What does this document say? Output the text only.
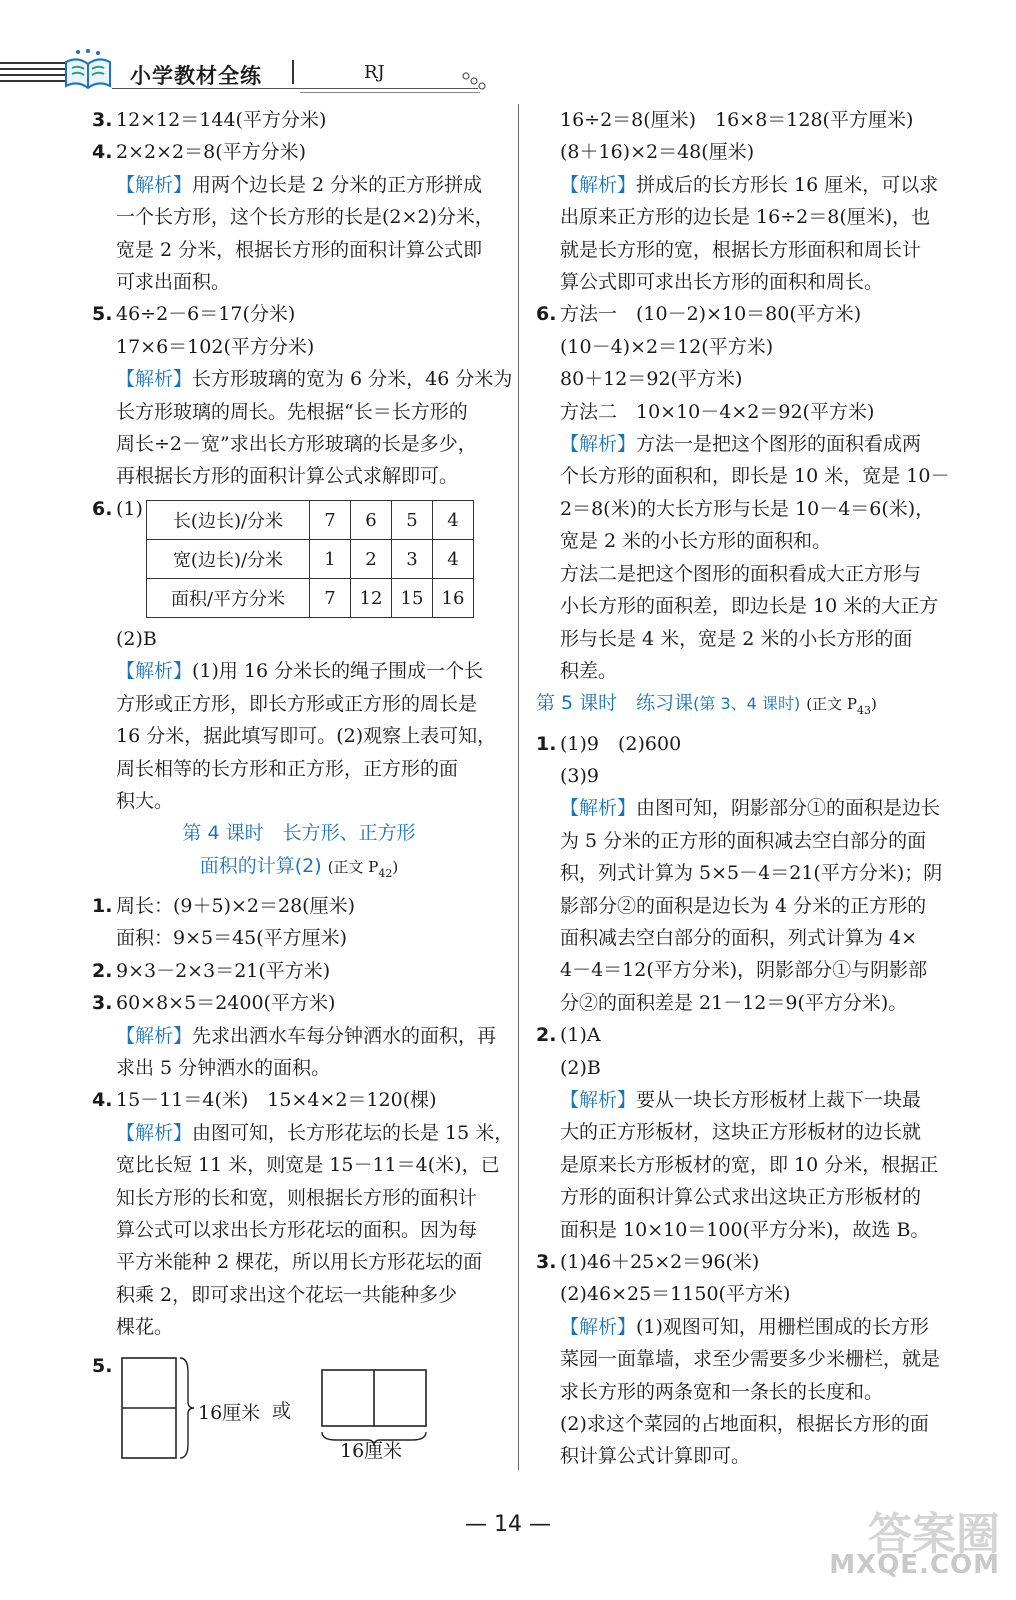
小学教材全练	RJ
3. 12×12＝144(平方分米)
4. 2×2×2＝8(平方分米)
【解析】用两个边长是 2 分米的正方形拼成
一个长方形，这个长方形的长是(2×2)分米，
宽是 2 分米，根据长方形的面积计算公式即
可求出面积。
5. 46÷2－6＝17(分米)
17×6＝102(平方分米)
【解析】长方形玻璃的宽为 6 分米，46 分米为
长方形玻璃的周长。先根据“长＝长方形的
周长÷2－宽”求出长方形玻璃的长是多少，
再根据长方形的面积计算公式求解即可。
6. (1)
(2)B
【解析】(1)用 16 分米长的绳子围成一个长
方形或正方形，即长方形或正方形的周长是
16 分米，据此填写即可。(2)观察上表可知，
周长相等的长方形和正方形，正方形的面
积大。
第 4 课时　长方形、正方形
面积的计算(2) (正文 $P_{42}$)
1. 周长：(9＋5)×2＝28(厘米)
面积：9×5＝45(平方厘米)
2. 9×3－2×3＝21(平方米)
3. 60×8×5＝2400(平方米)
【解析】先求出洒水车每分钟洒水的面积，再
求出 5 分钟洒水的面积。
4. 15－11＝4(米)　15×4×2＝120(棵)
【解析】由图可知，长方形花坛的长是 15 米，
宽比长短 11 米，则宽是 15－11＝4(米)，已
知长方形的长和宽，则根据长方形的面积计
算公式可以求出长方形花坛的面积。因为每
平方米能种 2 棵花，所以用长方形花坛的面
积乘 2，即可求出这个花坛一共能种多少
棵花。
5.
长(边长)/分米	7	6	5	4
宽(边长)/分米	1	2	3	4
面积/平方分米	7	12	15	16
16厘米 或
16厘米
16÷2＝8(厘米)　16×8＝128(平方厘米)
(8＋16)×2＝48(厘米)
【解析】拼成后的长方形长 16 厘米，可以求
出原来正方形的边长是 16÷2＝8(厘米)，也
就是长方形的宽，根据长方形面积和周长计
算公式即可求出长方形的面积和周长。
6. 方法一　(10－2)×10＝80(平方米)
(10－4)×2＝12(平方米)
80＋12＝92(平方米)
方法二　10×10－4×2＝92(平方米)
【解析】方法一是把这个图形的面积看成两
个长方形的面积和，即长是 10 米，宽是 10－
2＝8(米)的大长方形与长是 10－4＝6(米)，
宽是 2 米的小长方形的面积和。
方法二是把这个图形的面积看成大正方形与
小长方形的面积差，即边长是 10 米的大正方
形与长是 4 米，宽是 2 米的小长方形的面
积差。
第 5 课时　练习课(第 3、4 课时) (正文 $P_{43}$)
1. (1)9　(2)600
(3)9
【解析】由图可知，阴影部分①的面积是边长
为 5 分米的正方形的面积减去空白部分的面
积，列式计算为 5×5－4＝21(平方分米)；阴
影部分②的面积是边长为 4 分米的正方形的
面积减去空白部分的面积，列式计算为 4×
4－4＝12(平方分米)，阴影部分①与阴影部
分②的面积差是 21－12＝9(平方分米)。
2. (1)A
(2)B
【解析】要从一块长方形板材上裁下一块最
大的正方形板材，这块正方形板材的边长就
是原来长方形板材的宽，即 10 分米，根据正
方形的面积计算公式求出这块正方形板材的
面积是 10×10＝100(平方分米)，故选 B。
3. (1)46＋25×2＝96(米)
(2)46×25＝1150(平方米)
【解析】(1)观图可知，用栅栏围成的长方形
菜园一面靠墙，求至少需要多少米栅栏，就是
求长方形的两条宽和一条长的长度和。
(2)求这个菜园的占地面积，根据长方形的面
积计算公式计算即可。
— 14 —	答案圈
MXQE.COM
